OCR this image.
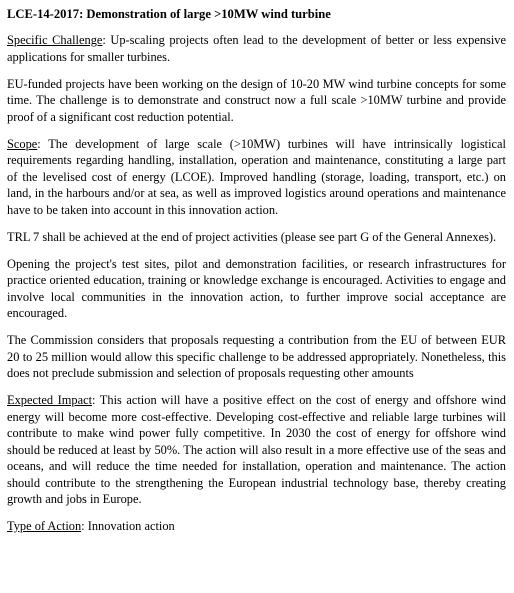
LCE-14-2017: Demonstration of large >10MW wind turbine

Specific Challenge: Up-scaling projects often lead to the development of better or less expensive applications for smaller turbines.

EU-funded projects have been working on the design of 10-20 MW wind turbine concepts for some time. The challenge is to demonstrate and construct now a full scale >10MW turbine and provide proof of a significant cost reduction potential.

Scope: The development of large scale (>10MW) turbines will have intrinsically logistical requirements regarding handling, installation, operation and maintenance, constituting a large part of the levelised cost of energy (LCOE). Improved handling (storage, loading, transport, etc.) on land, in the harbours and/or at sea, as well as improved logistics around operations and maintenance have to be taken into account in this innovation action.

TRL 7 shall be achieved at the end of project activities (please see part G of the General Annexes).

Opening the project's test sites, pilot and demonstration facilities, or research infrastructures for practice oriented education, training or knowledge exchange is encouraged. Activities to engage and involve local communities in the innovation action, to further improve social acceptance are encouraged.

The Commission considers that proposals requesting a contribution from the EU of between EUR 20 to 25 million would allow this specific challenge to be addressed appropriately. Nonetheless, this does not preclude submission and selection of proposals requesting other amounts

Expected Impact: This action will have a positive effect on the cost of energy and offshore wind energy will become more cost-effective. Developing cost-effective and reliable large turbines will contribute to make wind power fully competitive. In 2030 the cost of energy for offshore wind should be reduced at least by 50%. The action will also result in a more effective use of the seas and oceans, and will reduce the time needed for installation, operation and maintenance. The action should contribute to the strengthening the European industrial technology base, thereby creating growth and jobs in Europe.

Type of Action: Innovation action
